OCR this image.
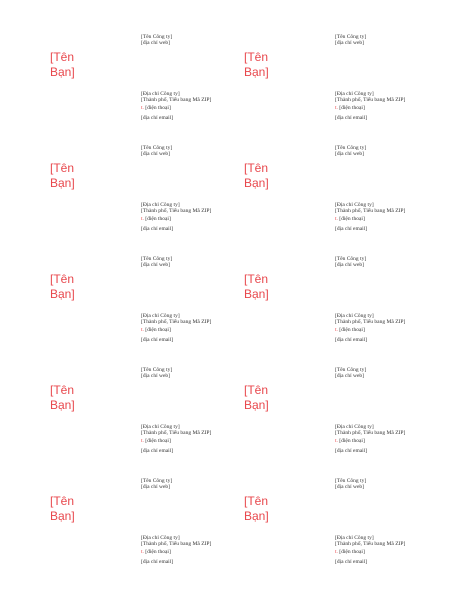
[Tên Bạn]
[Tên Công ty]
[địa chỉ web]
[Địa chỉ Công ty]
[Thành phố, Tiểu bang Mã ZIP]
t. [điện thoại]
[địa chỉ email]
[Tên Bạn]
[Tên Công ty]
[địa chỉ web]
[Địa chỉ Công ty]
[Thành phố, Tiểu bang Mã ZIP]
t. [điện thoại]
[địa chỉ email]
[Tên Bạn]
[Tên Công ty]
[địa chỉ web]
[Địa chỉ Công ty]
[Thành phố, Tiểu bang Mã ZIP]
t. [điện thoại]
[địa chỉ email]
[Tên Bạn]
[Tên Công ty]
[địa chỉ web]
[Địa chỉ Công ty]
[Thành phố, Tiểu bang Mã ZIP]
t. [điện thoại]
[địa chỉ email]
[Tên Bạn]
[Tên Công ty]
[địa chỉ web]
[Địa chỉ Công ty]
[Thành phố, Tiểu bang Mã ZIP]
t. [điện thoại]
[địa chỉ email]
[Tên Bạn]
[Tên Công ty]
[địa chỉ web]
[Địa chỉ Công ty]
[Thành phố, Tiểu bang Mã ZIP]
t. [điện thoại]
[địa chỉ email]
[Tên Bạn]
[Tên Công ty]
[địa chỉ web]
[Địa chỉ Công ty]
[Thành phố, Tiểu bang Mã ZIP]
t. [điện thoại]
[địa chỉ email]
[Tên Bạn]
[Tên Công ty]
[địa chỉ web]
[Địa chỉ Công ty]
[Thành phố, Tiểu bang Mã ZIP]
t. [điện thoại]
[địa chỉ email]
[Tên Bạn]
[Tên Công ty]
[địa chỉ web]
[Địa chỉ Công ty]
[Thành phố, Tiểu bang Mã ZIP]
t. [điện thoại]
[địa chỉ email]
[Tên Bạn]
[Tên Công ty]
[địa chỉ web]
[Địa chỉ Công ty]
[Thành phố, Tiểu bang Mã ZIP]
t. [điện thoại]
[địa chỉ email]
